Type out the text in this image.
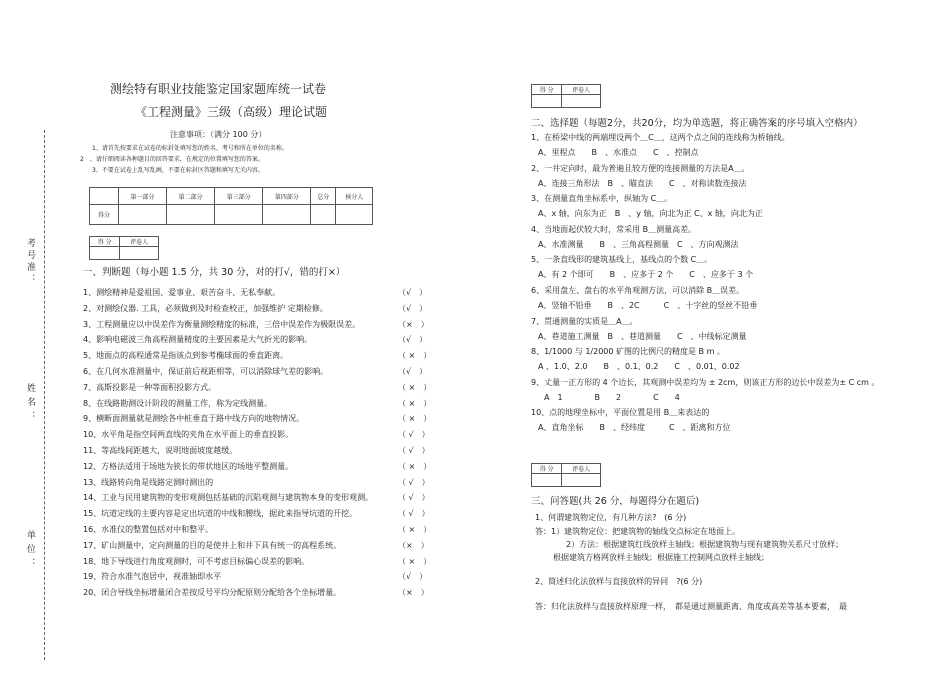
考号准：
姓名：
单位：
测绘特有职业技能鉴定国家题库统一试卷
《工程测量》三级（高级）理论试题
注意事项：（满分 100 分）
1、请首先按要求在试卷的标封处填写您的姓名、考号和所在单位的名称。
2　、请仔细阅读各种题目的回答要求，在规定的位置填写您的答案。
3、不要在试卷上乱写乱画，不要在标封区答题和填写无关内容。
	第一部分	第二部分	第三部分	第四部分	总分	核分人
得分						
得 分	评卷人

一、判断题（每小题 1.5 分，共 30 分，对的打√，错的打×）
1、测绘精神是爱祖国、爱事业、艰苦奋斗、无私奉献。	（√　）
2、对测绘仪器. 工具，必须做到及时检查校正，加强维护 定期检修。	（√　）
3、工程测量应以中误差作为衡量测绘精度的标准，三倍中误差作为极限误差。	（×　）
4、影响电磁波三角高程测量精度的主要因素是大气折光的影响。	（√　）
5、地面点的高程通常是指该点到参考椭球面的垂直距离。	（ ×　）
6、在几何水准测量中，保证前后视距相等，可以消除球气差的影响。	（√　）
7、高斯投影是一种等面积投影方式。	（ ×　）
8、在线路勘测设计阶段的测量工作，称为定线测量。	（ ×　）
9、横断面测量就是测绘各中桩垂直于路中线方向的地物情况。	（ ×　）
10、水平角是指空间两直线的夹角在水平面上的垂直投影。	（ √　）
11、等高线间距越大，说明地面坡度越缓。	（ √　）
12、方格法适用于场地为狭长的带状地区的场地平整测量。	（ ×　）
13、线路转向角是线路定测时测出的	（ √　）
14、工业与民用建筑物的变形观测包括基础的沉陷观测与建筑物本身的变形观测。	（ √　）
15、坑道定线的主要内容是定出坑道的中线和腰线，据此来指导坑道的开挖。	（ √　）
16、水准仪的整置包括对中和整平。	（ ×　）
17、矿山测量中，定向测量的目的是使井上和井下具有统一的高程系统。	（×　）
18、地下导线进行角度观测时，可不考虑目标偏心误差的影响。	（ ×　）
19、符合水准气泡居中，视准轴即水平	（√　）
20、闭合导线坐标增量闭合差按反号平均分配原则分配给各个坐标增量。	（×　）
得 分	评卷人

二、选择题（每题2分，共20分，均为单选题，将正确答案的序号填入空格内）
1、在桥梁中线的两端埋设两个＿C＿，这两个点之间的连线称为桥轴线。
A、里程点　　B　、水准点　　C　、控制点
2、一井定向时，最为普遍且较方便的连接测量的方法是A＿。
A、连接三角形法　B　、瞄直法　　C　、对称读数连接法
3、在测量直角坐标系中，纵轴为 C＿。
A、x 轴，向东为正　B　、y 轴，向北为正 C、x 轴，向北为正
4、当地面起伏较大时，常采用 B＿测量高差。
A、水准测量　　B　、三角高程测量　C　、方向观测法
5、一条直线形的建筑基线上，基线点的个数 C＿。
A、有 2 个即可　　B　、应多于 2 个　　C　、应多于 3 个
6、采用盘左、盘右的水平角观测方法，可以消除 B＿误差。
A、竖轴不铅垂　　B　、2C　　　C　、十字丝的竖丝不铅垂
7、贯通测量的实质是＿A＿。
A、巷道施工测量　B　、巷道测量　　C　、中线标定测量
8、1/1000 与 1/2000 矿图的比例尺的精度是 B m 。
A 、1.0、2.0　　B　、0.1、0.2　　C　、0.01、0.02
9、丈量一正方形的 4 个边长，其观测中误差均为 ± 2cm，则该正方形的边长中误差为± C cm 。
A　1　　　　B　　2　　　　C　　4
10、点的地理坐标中，平面位置是用 B＿来表达的
A、直角坐标　　B　、经纬度　　　C　、距离和方位
得 分	评卷人

三、问答题(共 26 分，每题得分在题后)
1、何谓建筑物定位，有几种方法?　(6 分)
答：1）建筑物定位：把建筑物的轴线交点标定在地面上。
2）方法：根据建筑红线放样主轴线；根据建筑物与现有建筑物关系尺寸放样；
根据建筑方格网放样主轴线；根据施工控制网点放样主轴线；
2、简述归化法放样与直接放样的异同　?(6 分)
答：归化法放样与直接放样原理一样，　都是通过测量距离、角度或高差等基本要素，　最
